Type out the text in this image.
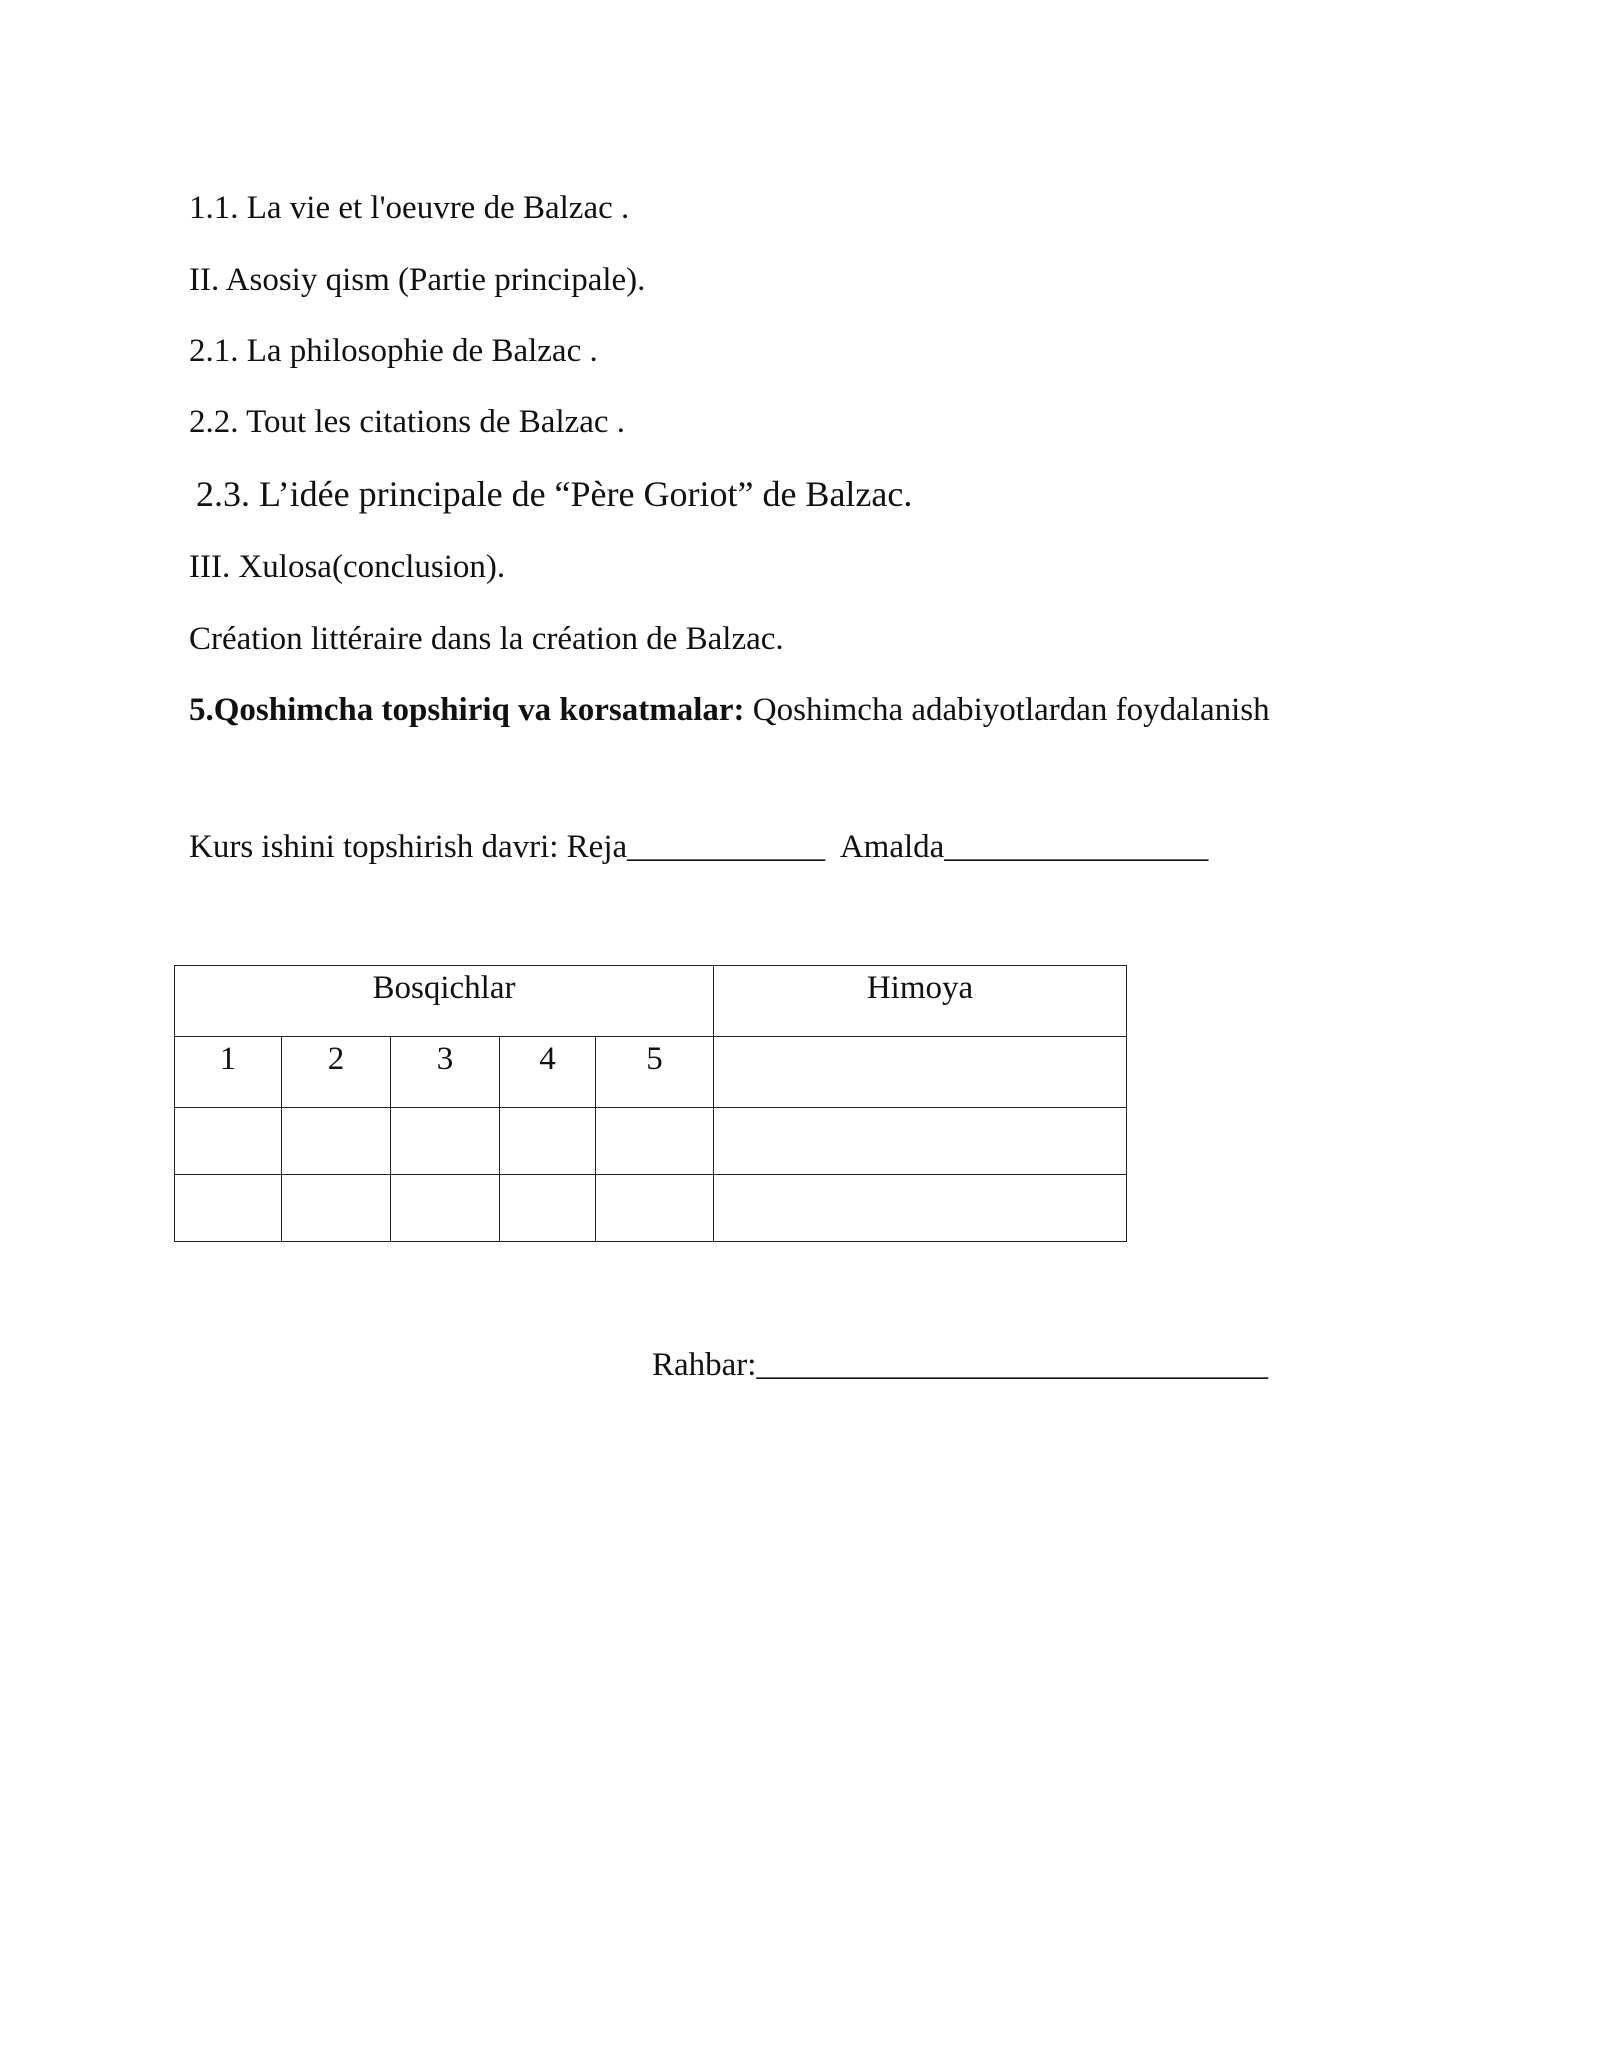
1.1. La vie et l'oeuvre de Balzac .

II. Asosiy qism (Partie principale).

2.1. La philosophie de Balzac .

2.2. Tout les citations de Balzac .

2.3. L’idée principale de “Père Goriot” de Balzac.

III. Xulosa(conclusion).

Création littéraire dans la création de Balzac.

5.Qoshimcha topshiriq va korsatmalar: Qoshimcha adabiyotlardan foydalanish

Kurs ishini topshirish davri: Reja____________  Amalda________________

Bosqichlar					Himoya
1	2	3	4	5	

Rahbar:_______________________________
